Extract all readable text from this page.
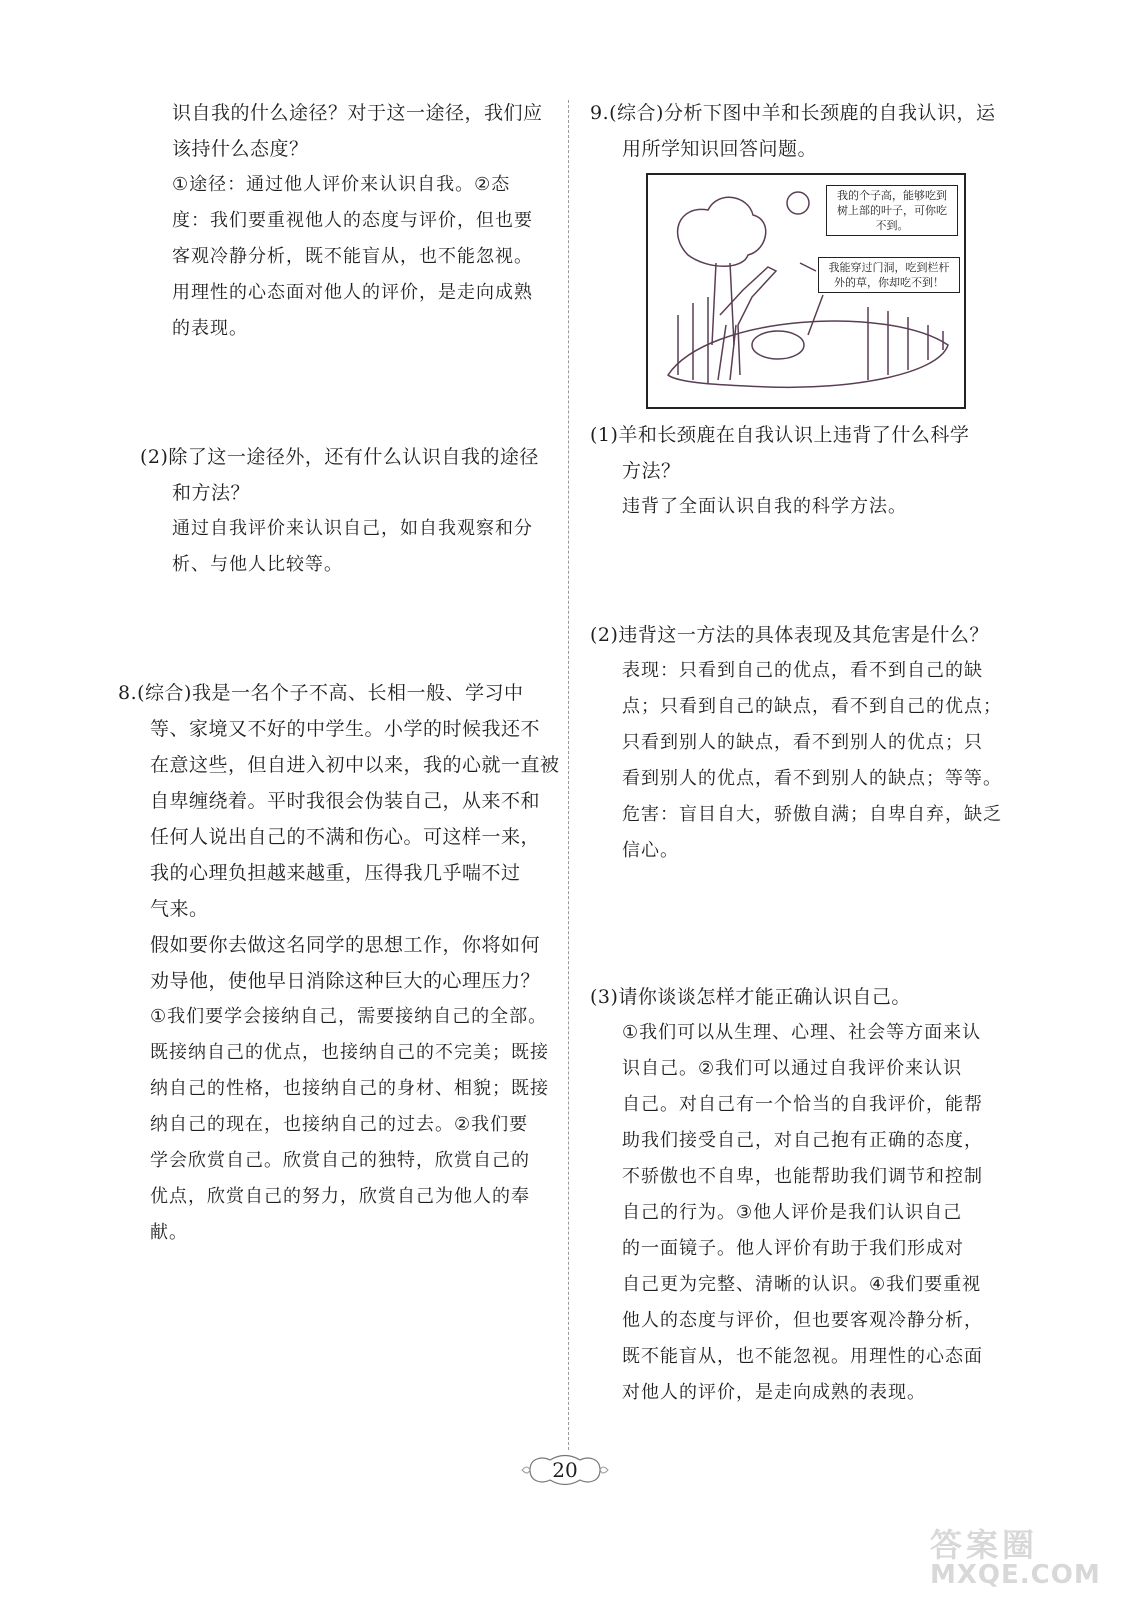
识自我的什么途径？对于这一途径，我们应
该持什么态度？
①途径：通过他人评价来认识自我。②态
度：我们要重视他人的态度与评价，但也要
客观冷静分析，既不能盲从，也不能忽视。
用理性的心态面对他人的评价，是走向成熟
的表现。
(2)除了这一途径外，还有什么认识自我的途径
和方法？
通过自我评价来认识自己，如自我观察和分
析、与他人比较等。
8.(综合)我是一名个子不高、长相一般、学习中
等、家境又不好的中学生。小学的时候我还不
在意这些，但自进入初中以来，我的心就一直被
自卑缠绕着。平时我很会伪装自己，从来不和
任何人说出自己的不满和伤心。可这样一来，
我的心理负担越来越重，压得我几乎喘不过
气来。
假如要你去做这名同学的思想工作，你将如何
劝导他，使他早日消除这种巨大的心理压力？
①我们要学会接纳自己，需要接纳自己的全部。
既接纳自己的优点，也接纳自己的不完美；既接
纳自己的性格，也接纳自己的身材、相貌；既接
纳自己的现在，也接纳自己的过去。②我们要
学会欣赏自己。欣赏自己的独特，欣赏自己的
优点，欣赏自己的努力，欣赏自己为他人的奉
献。
9.(综合)分析下图中羊和长颈鹿的自我认识，运
用所学知识回答问题。
我的个子高，能够吃到树上部的叶子，可你吃不到。
我能穿过门洞，吃到栏杆外的草，你却吃不到！
(1)羊和长颈鹿在自我认识上违背了什么科学
方法？
违背了全面认识自我的科学方法。
(2)违背这一方法的具体表现及其危害是什么？
表现：只看到自己的优点，看不到自己的缺
点；只看到自己的缺点，看不到自己的优点；
只看到别人的缺点，看不到别人的优点；只
看到别人的优点，看不到别人的缺点；等等。
危害：盲目自大，骄傲自满；自卑自弃，缺乏
信心。
(3)请你谈谈怎样才能正确认识自己。
①我们可以从生理、心理、社会等方面来认
识自己。②我们可以通过自我评价来认识
自己。对自己有一个恰当的自我评价，能帮
助我们接受自己，对自己抱有正确的态度，
不骄傲也不自卑，也能帮助我们调节和控制
自己的行为。③他人评价是我们认识自己
的一面镜子。他人评价有助于我们形成对
自己更为完整、清晰的认识。④我们要重视
他人的态度与评价，但也要客观冷静分析，
既不能盲从，也不能忽视。用理性的心态面
对他人的评价，是走向成熟的表现。
20
答案圈
MXQE.COM
